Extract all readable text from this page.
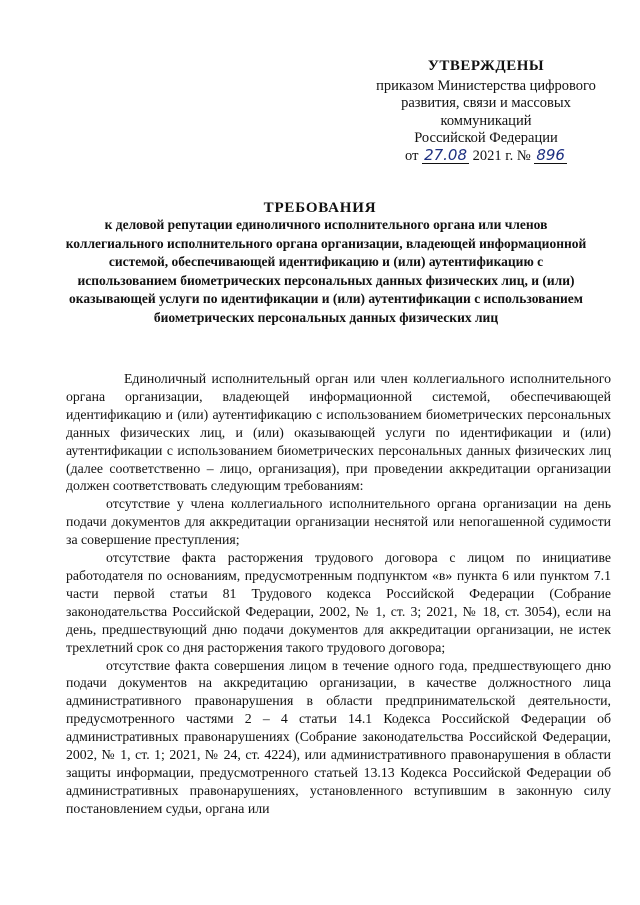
УТВЕРЖДЕНЫ
приказом Министерства цифрового
развития, связи и массовых
коммуникаций
Российской Федерации
от 27.08 2021 г. № 896
ТРЕБОВАНИЯ
к деловой репутации единоличного исполнительного органа или членов коллегиального исполнительного органа организации, владеющей информационной системой, обеспечивающей идентификацию и (или) аутентификацию с использованием биометрических персональных данных физических лиц, и (или) оказывающей услуги по идентификации и (или) аутентификации с использованием биометрических персональных данных физических лиц

Единоличный исполнительный орган или член коллегиального исполнительного органа организации, владеющей информационной системой, обеспечивающей идентификацию и (или) аутентификацию с использованием биометрических персональных данных физических лиц, и (или) оказывающей услуги по идентификации и (или) аутентификации с использованием биометрических персональных данных физических лиц (далее соответственно – лицо, организация), при проведении аккредитации организации должен соответствовать следующим требованиям:

отсутствие у члена коллегиального исполнительного органа организации на день подачи документов для аккредитации организации неснятой или непогашенной судимости за совершение преступления;

отсутствие факта расторжения трудового договора с лицом по инициативе работодателя по основаниям, предусмотренным подпунктом «в» пункта 6 или пунктом 7.1 части первой статьи 81 Трудового кодекса Российской Федерации (Собрание законодательства Российской Федерации, 2002, № 1, ст. 3; 2021, № 18, ст. 3054), если на день, предшествующий дню подачи документов для аккредитации организации, не истек трехлетний срок со дня расторжения такого трудового договора;

отсутствие факта совершения лицом в течение одного года, предшествующего дню подачи документов на аккредитацию организации, в качестве должностного лица административного правонарушения в области предпринимательской деятельности, предусмотренного частями 2 – 4 статьи 14.1 Кодекса Российской Федерации об административных правонарушениях (Собрание законодательства Российской Федерации, 2002, № 1, ст. 1; 2021, № 24, ст. 4224), или административного правонарушения в области защиты информации, предусмотренного статьей 13.13 Кодекса Российской Федерации об административных правонарушениях, установленного вступившим в законную силу постановлением судьи, органа или
